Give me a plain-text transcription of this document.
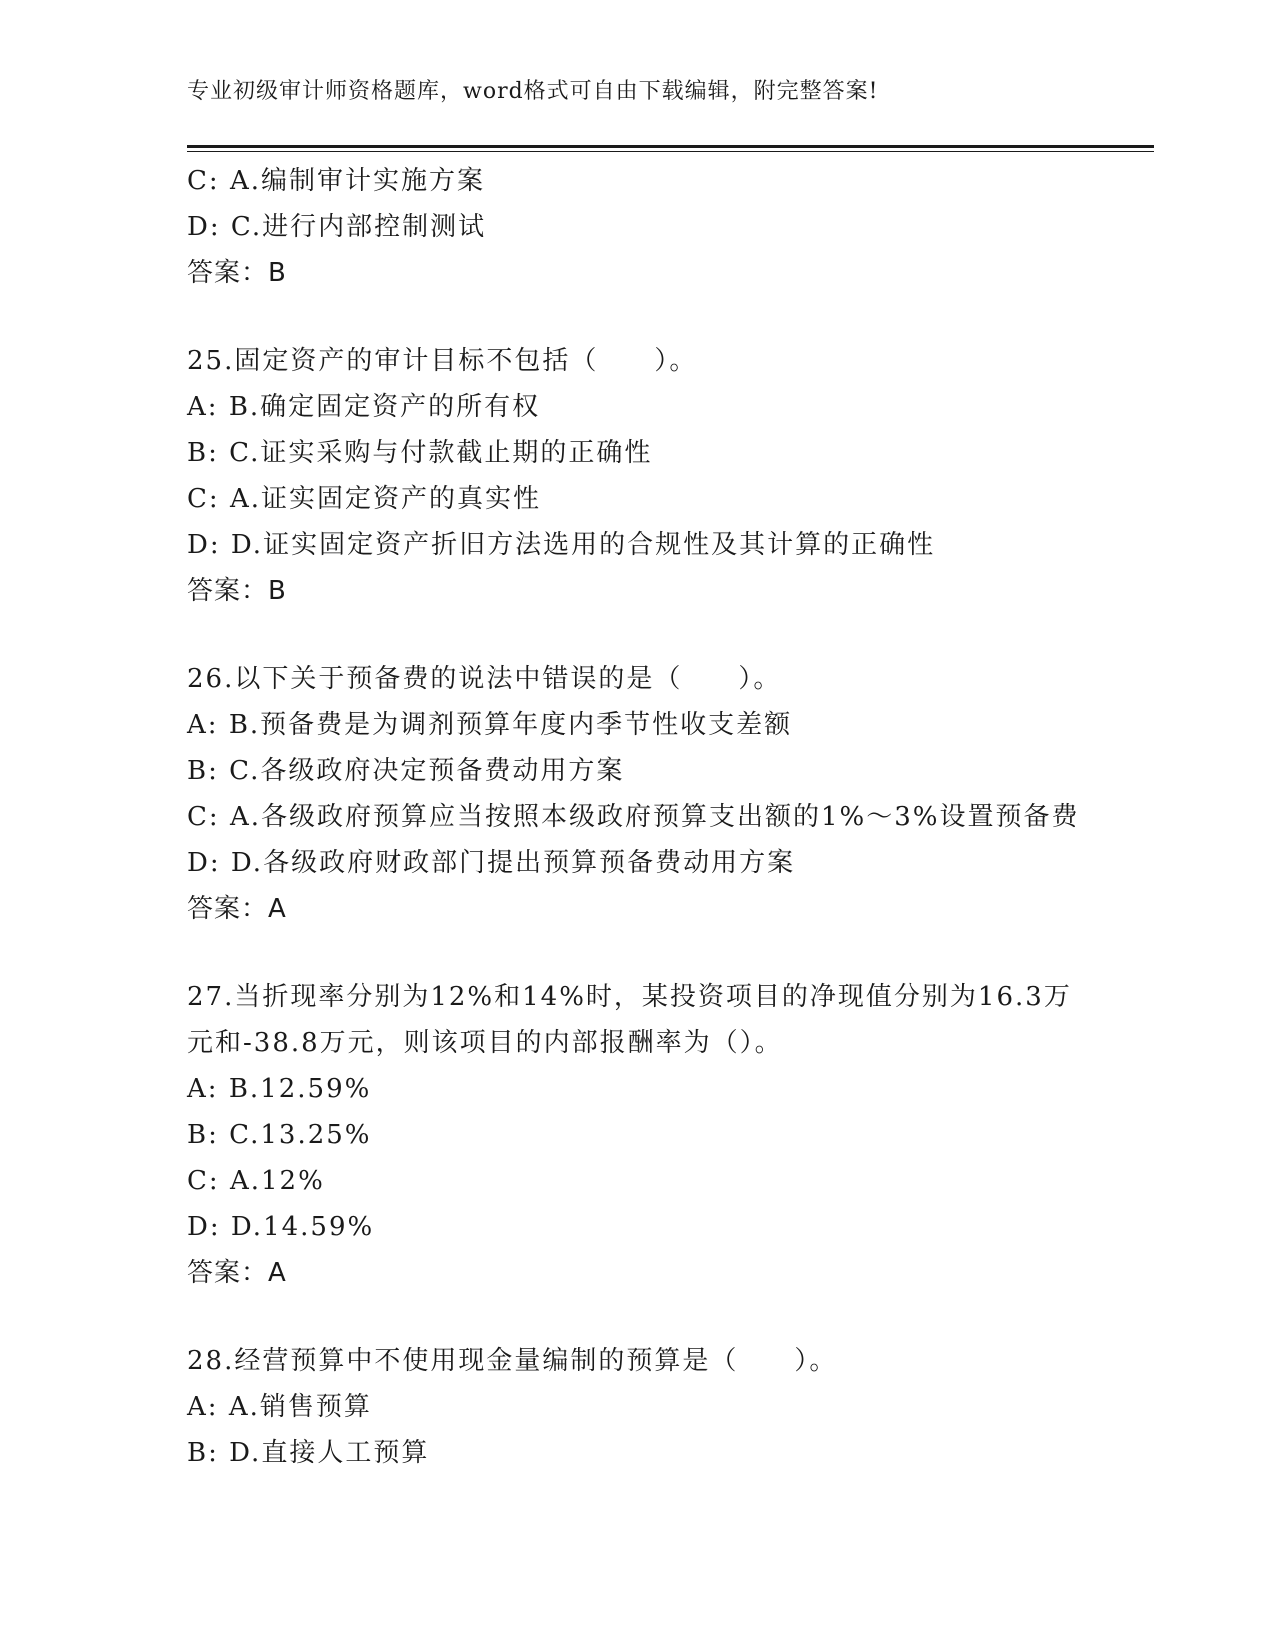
专业初级审计师资格题库，word格式可自由下载编辑，附完整答案!
C: A.编制审计实施方案
D: C.进行内部控制测试
答案：B
25.固定资产的审计目标不包括（　　）。
A: B.确定固定资产的所有权
B: C.证实采购与付款截止期的正确性
C: A.证实固定资产的真实性
D: D.证实固定资产折旧方法选用的合规性及其计算的正确性
答案：B
26.以下关于预备费的说法中错误的是（　　）。
A: B.预备费是为调剂预算年度内季节性收支差额
B: C.各级政府决定预备费动用方案
C: A.各级政府预算应当按照本级政府预算支出额的1%～3%设置预备费
D: D.各级政府财政部门提出预算预备费动用方案
答案：A
27.当折现率分别为12%和14%时，某投资项目的净现值分别为16.3万
元和-38.8万元，则该项目的内部报酬率为（）。
A: B.12.59%
B: C.13.25%
C: A.12%
D: D.14.59%
答案：A
28.经营预算中不使用现金量编制的预算是（　　）。
A: A.销售预算
B: D.直接人工预算
